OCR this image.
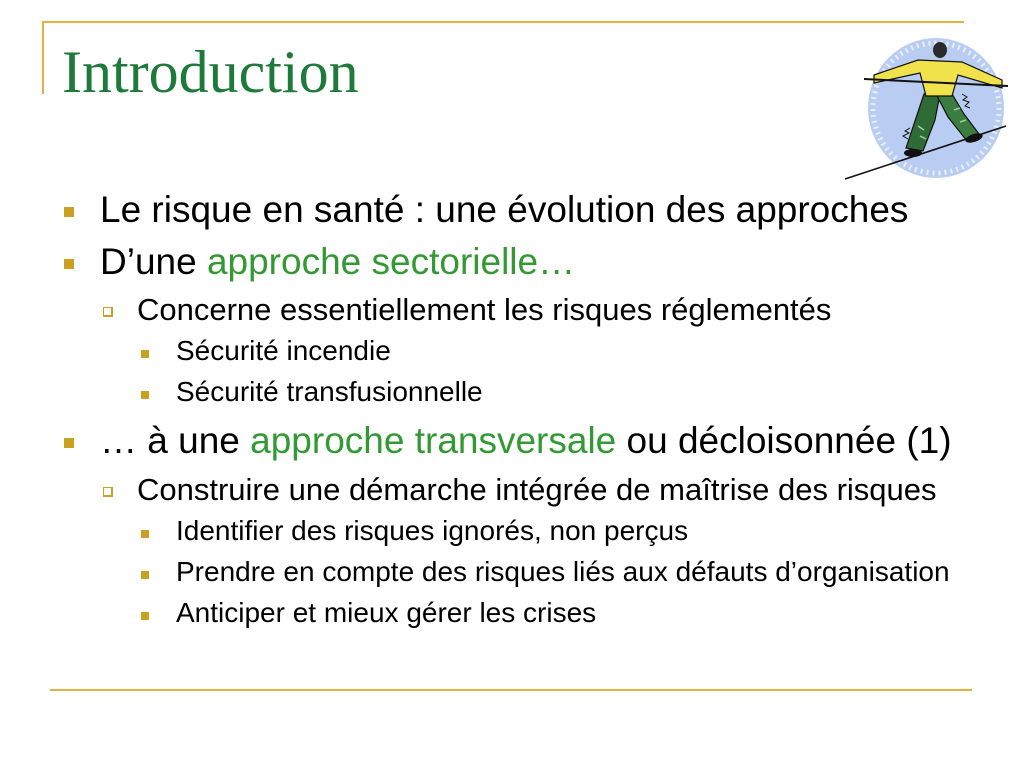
Introduction
Le risque en santé : une évolution des approches
D’une approche sectorielle…
Concerne essentiellement les risques réglementés
Sécurité incendie
Sécurité transfusionnelle
… à une approche transversale ou décloisonnée (1)
Construire une démarche intégrée de maîtrise des risques
Identifier des risques ignorés, non perçus
Prendre en compte des risques liés aux défauts d’organisation
Anticiper et mieux gérer les crises
